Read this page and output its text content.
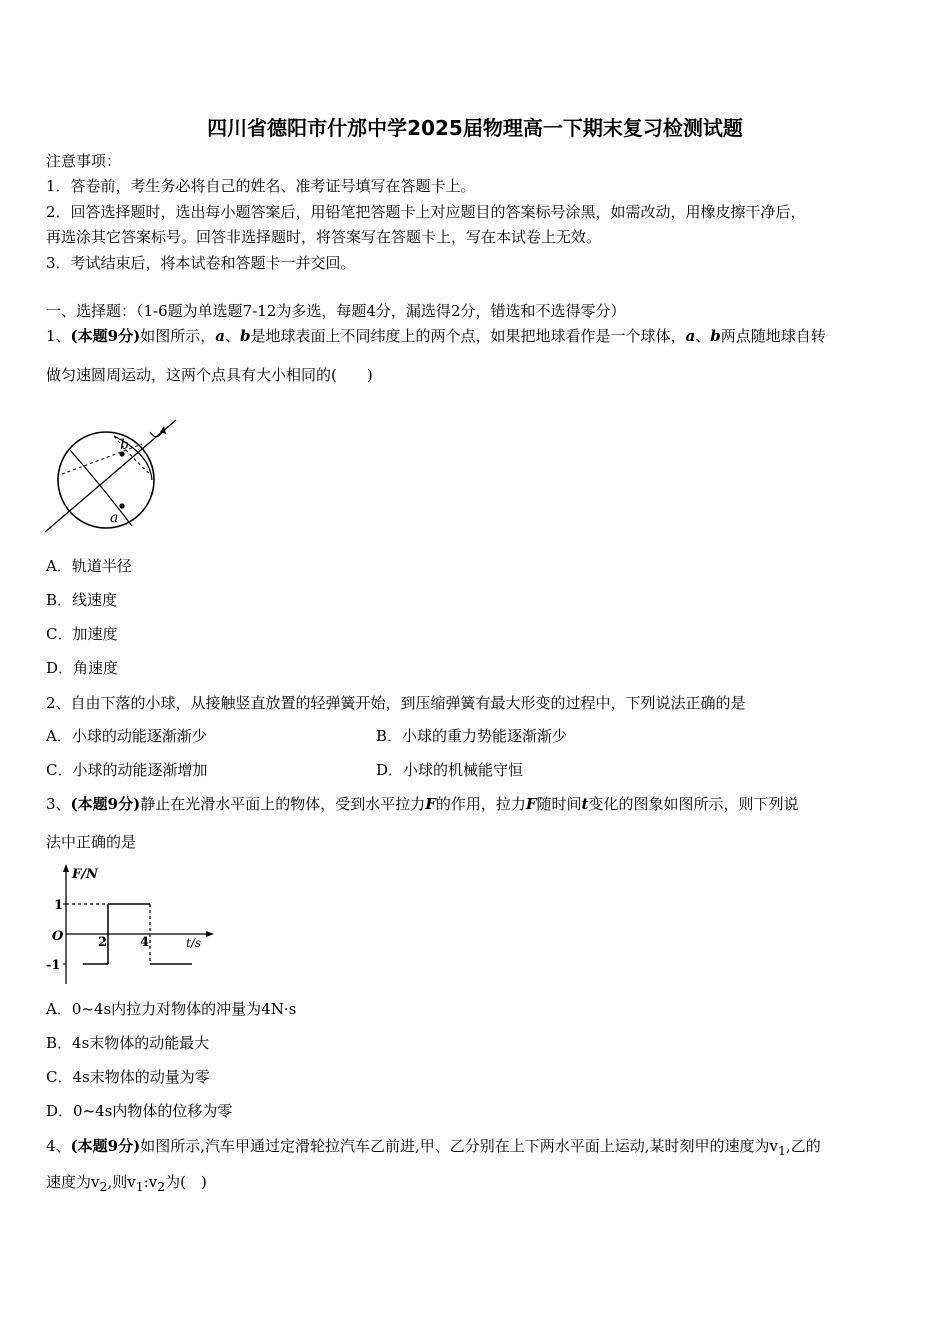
四川省德阳市什邡中学2025届物理高一下期末复习检测试题
注意事项：
1．答卷前，考生务必将自己的姓名、准考证号填写在答题卡上。
2．回答选择题时，选出每小题答案后，用铅笔把答题卡上对应题目的答案标号涂黑，如需改动，用橡皮擦干净后，
再选涂其它答案标号。回答非选择题时，将答案写在答题卡上，写在本试卷上无效。
3．考试结束后，将本试卷和答题卡一并交回。
一、选择题：（1-6题为单选题7-12为多选，每题4分，漏选得2分，错选和不选得零分）
1、(本题9分)如图所示，a、b是地球表面上不同纬度上的两个点，如果把地球看作是一个球体，a、b两点随地球自转
做匀速圆周运动，这两个点具有大小相同的(　　)
b
a
A．轨道半径
B．线速度
C．加速度
D．角速度
2、自由下落的小球，从接触竖直放置的轻弹簧开始，到压缩弹簧有最大形变的过程中，下列说法正确的是
A．小球的动能逐渐渐少	B．小球的重力势能逐渐渐少
C．小球的动能逐渐增加	D．小球的机械能守恒
3、(本题9分)静止在光滑水平面上的物体，受到水平拉力F的作用，拉力F随时间t变化的图象如图所示，则下列说
法中正确的是
F/N
t/s
1
O
-1
2	4
A．0~4s内拉力对物体的冲量为4N·s
B．4s末物体的动能最大
C．4s末物体的动量为零
D．0~4s内物体的位移为零
4、(本题9分)如图所示,汽车甲通过定滑轮拉汽车乙前进,甲、乙分别在上下两水平面上运动,某时刻甲的速度为$v_1$,乙的
速度为$v_2$,则$v_1:v_2$为(　)
